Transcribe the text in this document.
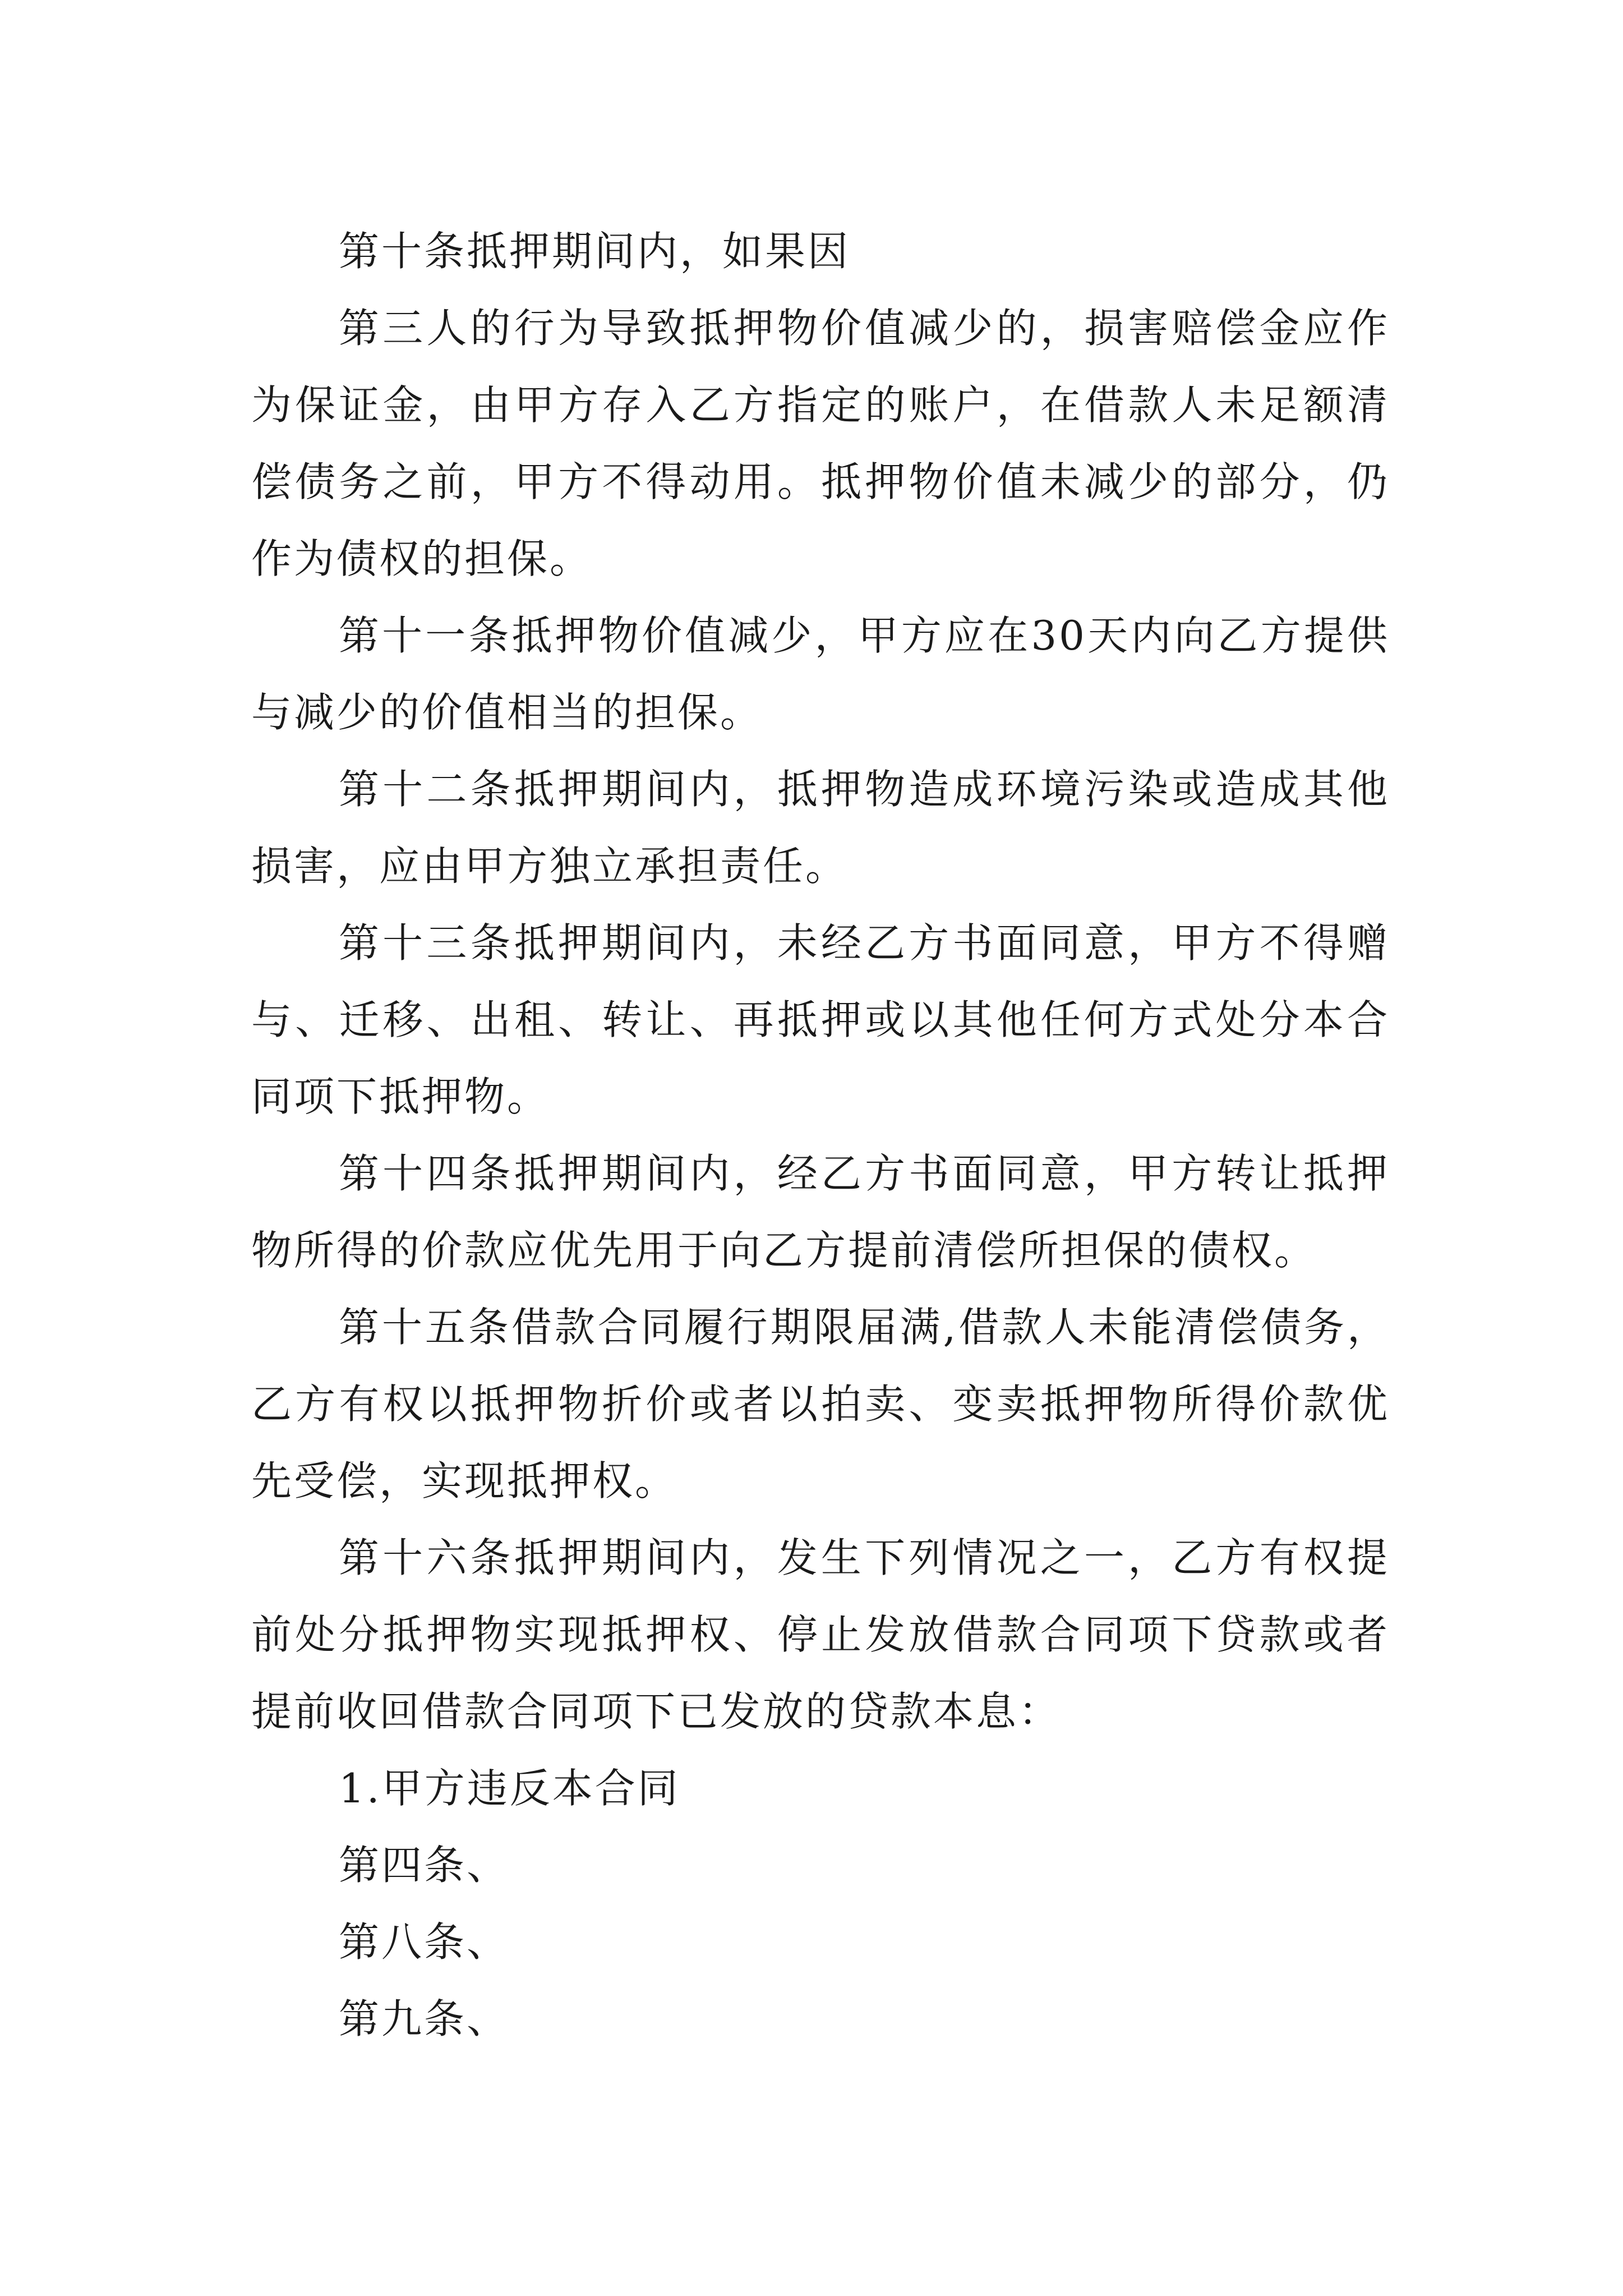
第十条抵押期间内，如果因

第三人的行为导致抵押物价值减少的，损害赔偿金应作为保证金，由甲方存入乙方指定的账户，在借款人未足额清偿债务之前，甲方不得动用。抵押物价值未减少的部分，仍作为债权的担保。

第十一条抵押物价值减少，甲方应在30天内向乙方提供与减少的价值相当的担保。

第十二条抵押期间内，抵押物造成环境污染或造成其他损害，应由甲方独立承担责任。

第十三条抵押期间内，未经乙方书面同意，甲方不得赠与、迁移、出租、转让、再抵押或以其他任何方式处分本合同项下抵押物。

第十四条抵押期间内，经乙方书面同意，甲方转让抵押物所得的价款应优先用于向乙方提前清偿所担保的债权。

第十五条借款合同履行期限届满,借款人未能清偿债务，乙方有权以抵押物折价或者以拍卖、变卖抵押物所得价款优先受偿，实现抵押权。

第十六条抵押期间内，发生下列情况之一，乙方有权提前处分抵押物实现抵押权、停止发放借款合同项下贷款或者提前收回借款合同项下已发放的贷款本息：

1.甲方违反本合同

第四条、

第八条、

第九条、
